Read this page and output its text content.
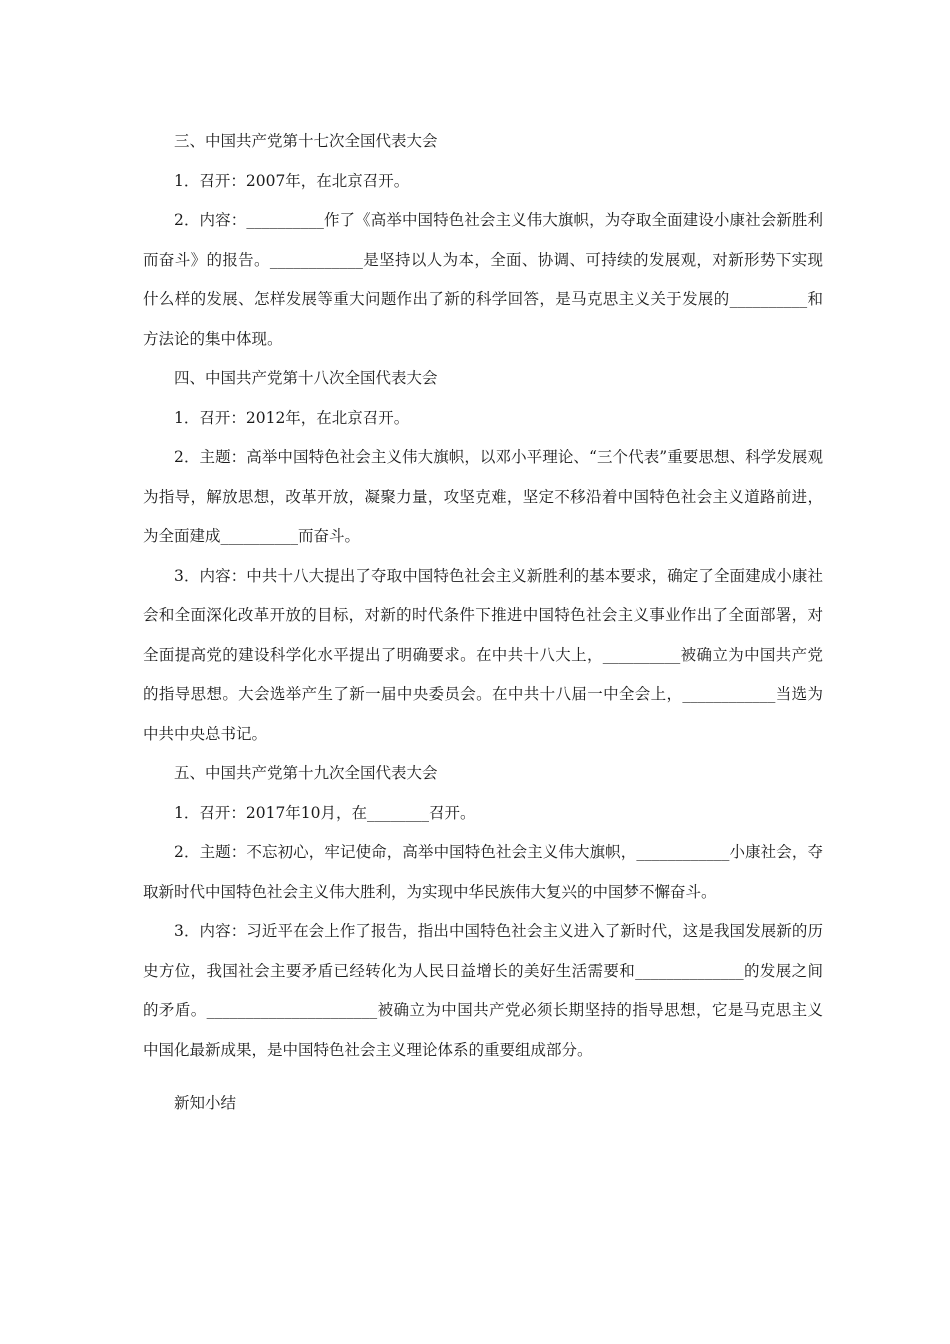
三、中国共产党第十七次全国代表大会

1．召开：2007年，在北京召开。

2．内容：__________作了《高举中国特色社会主义伟大旗帜，为夺取全面建设小康社会新胜利而奋斗》的报告。____________是坚持以人为本，全面、协调、可持续的发展观，对新形势下实现什么样的发展、怎样发展等重大问题作出了新的科学回答，是马克思主义关于发展的__________和方法论的集中体现。

四、中国共产党第十八次全国代表大会

1．召开：2012年，在北京召开。

2．主题：高举中国特色社会主义伟大旗帜，以邓小平理论、“三个代表”重要思想、科学发展观为指导，解放思想，改革开放，凝聚力量，攻坚克难，坚定不移沿着中国特色社会主义道路前进，为全面建成__________而奋斗。

3．内容：中共十八大提出了夺取中国特色社会主义新胜利的基本要求，确定了全面建成小康社会和全面深化改革开放的目标，对新的时代条件下推进中国特色社会主义事业作出了全面部署，对全面提高党的建设科学化水平提出了明确要求。在中共十八大上，__________被确立为中国共产党的指导思想。大会选举产生了新一届中央委员会。在中共十八届一中全会上，____________当选为中共中央总书记。

五、中国共产党第十九次全国代表大会

1．召开：2017年10月，在________召开。

2．主题：不忘初心，牢记使命，高举中国特色社会主义伟大旗帜，____________小康社会，夺取新时代中国特色社会主义伟大胜利，为实现中华民族伟大复兴的中国梦不懈奋斗。

3．内容：习近平在会上作了报告，指出中国特色社会主义进入了新时代，这是我国发展新的历史方位，我国社会主要矛盾已经转化为人民日益增长的美好生活需要和______________的发展之间的矛盾。______________________被确立为中国共产党必须长期坚持的指导思想，它是马克思主义中国化最新成果，是中国特色社会主义理论体系的重要组成部分。

新知小结
